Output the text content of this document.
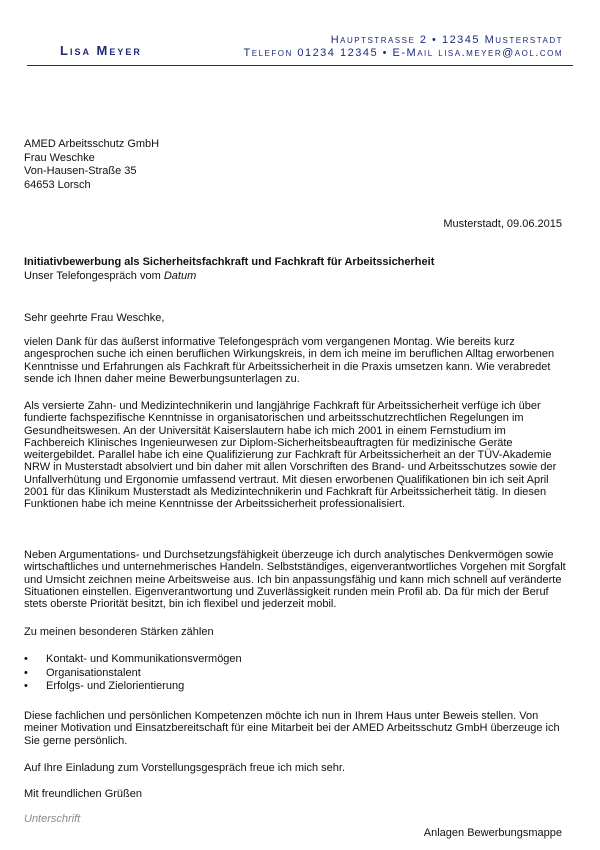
Hauptstrasse 2 • 12345 Musterstadt
Telefon 01234 12345 • E-Mail lisa.meyer@aol.com
Lisa Meyer
AMED Arbeitsschutz GmbH
Frau Weschke
Von-Hausen-Straße 35
64653 Lorsch
Musterstadt, 09.06.2015
Initiativbewerbung als Sicherheitsfachkraft und Fachkraft für Arbeitssicherheit
Unser Telefongespräch vom Datum

Sehr geehrte Frau Weschke,

vielen Dank für das äußerst informative Telefongespräch vom vergangenen Montag. Wie bereits kurz angesprochen suche ich einen beruflichen Wirkungskreis, in dem ich meine im beruflichen Alltag erworbenen Kenntnisse und Erfahrungen als Fachkraft für Arbeitssicherheit in die Praxis umsetzen kann. Wie verabredet sende ich Ihnen daher meine Bewerbungsunterlagen zu.

Als versierte Zahn- und Medizintechnikerin und langjährige Fachkraft für Arbeitssicherheit verfüge ich über fundierte fachspezifische Kenntnisse in organisatorischen und arbeitsschutzrechtlichen Regelungen im Gesundheitswesen. An der Universität Kaiserslautern habe ich mich 2001 in einem Fernstudium im Fachbereich Klinisches Ingenieurwesen zur Diplom-Sicherheitsbeauftragten für medizinische Geräte weitergebildet. Parallel habe ich eine Qualifizierung zur Fachkraft für Arbeitssicherheit an der TÜV-Akademie NRW in Musterstadt absolviert und bin daher mit allen Vorschriften des Brand- und Arbeitsschutzes sowie der Unfallverhütung und Ergonomie umfassend vertraut. Mit diesen erworbenen Qualifikationen bin ich seit April 2001 für das Klinikum Musterstadt als Medizintechnikerin und Fachkraft für Arbeitssicherheit tätig. In diesen Funktionen habe ich meine Kenntnisse der Arbeitssicherheit professionalisiert.

Neben Argumentations- und Durchsetzungsfähigkeit überzeuge ich durch analytisches Denkvermögen sowie wirtschaftliches und unternehmerisches Handeln. Selbstständiges, eigenverantwortliches Vorgehen mit Sorgfalt und Umsicht zeichnen meine Arbeitsweise aus. Ich bin anpassungsfähig und kann mich schnell auf veränderte Situationen einstellen. Eigenverantwortung und Zuverlässigkeit runden mein Profil ab. Da für mich der Beruf stets oberste Priorität besitzt, bin ich flexibel und jederzeit mobil.

Zu meinen besonderen Stärken zählen

• Kontakt- und Kommunikationsvermögen
• Organisationstalent
• Erfolgs- und Zielorientierung

Diese fachlichen und persönlichen Kompetenzen möchte ich nun in Ihrem Haus unter Beweis stellen. Von meiner Motivation und Einsatzbereitschaft für eine Mitarbeit bei der AMED Arbeitsschutz GmbH überzeuge ich Sie gerne persönlich.

Auf Ihre Einladung zum Vorstellungsgespräch freue ich mich sehr.

Mit freundlichen Grüßen

Unterschrift
Anlagen Bewerbungsmappe
